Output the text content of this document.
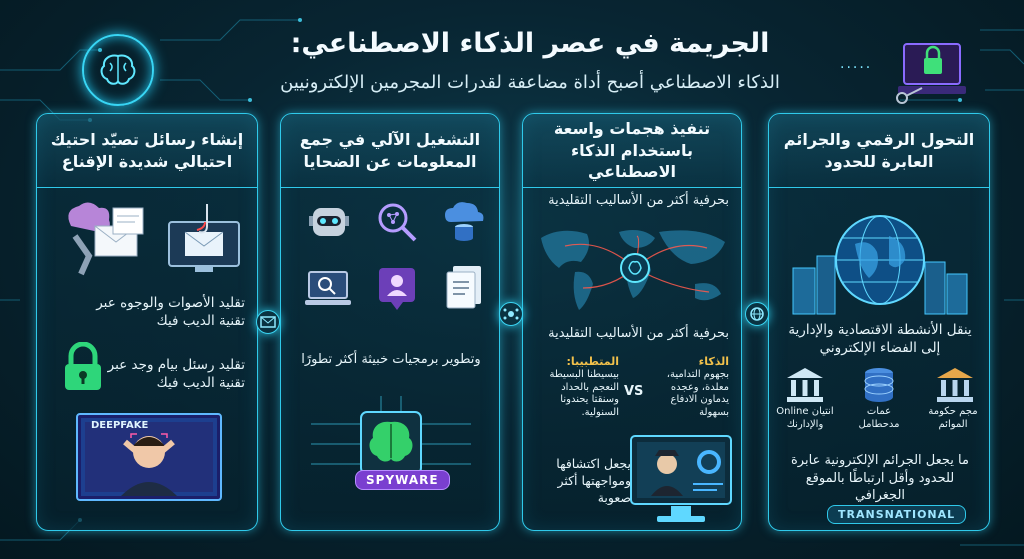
الجريمة في عصر الذكاء الاصطناعي:
.....
الذكاء الاصطناعي أصبح أداة مضاعفة لقدرات المجرمين الإلكترونيين
التحول الرقمي والجرائم العابرة للحدود
ينقل الأنشطة الاقتصادية والإدارية إلى الفضاء الإلكتروني
انتيان Online والإدارنك
عمات مدحطامل
مجم حكومة الموائم
ما يجعل الجرائم الإلكترونية عابرة للحدود وأقل ارتباطًا بالموقع الجغرافي
TRANSNATIONAL
تنفيذ هجمات واسعة باستخدام الذكاء الاصطناعي
بحرفية أكثر من الأساليب التقليدية
بحرفية أكثر من الأساليب التقليدية
الذكاء
بجهوم التدامية، معلدة، وعجده يدماون الادفاع بسهولة
VS
المتطبيبا:
بيسيطنا البسيطة النعجم بالحداد وسنقتا يحندونا السنولية.
يجعل اكتشافها ومواجهتها أكثر صعوبة
التشغيل الآلي في جمع المعلومات عن الضحايا
وتطوير برمجيات خبيثة أكثر تطورًا
SPYWARE
إنشاء رسائل تصيّد احتيك احتيالي شديدة الإقناع
تقليد الأصوات والوجوه عبر تقنية الديب فيك
تقليد رسئل بيام وجد عبر تقنية الديب فيك
DEEPFAKE
